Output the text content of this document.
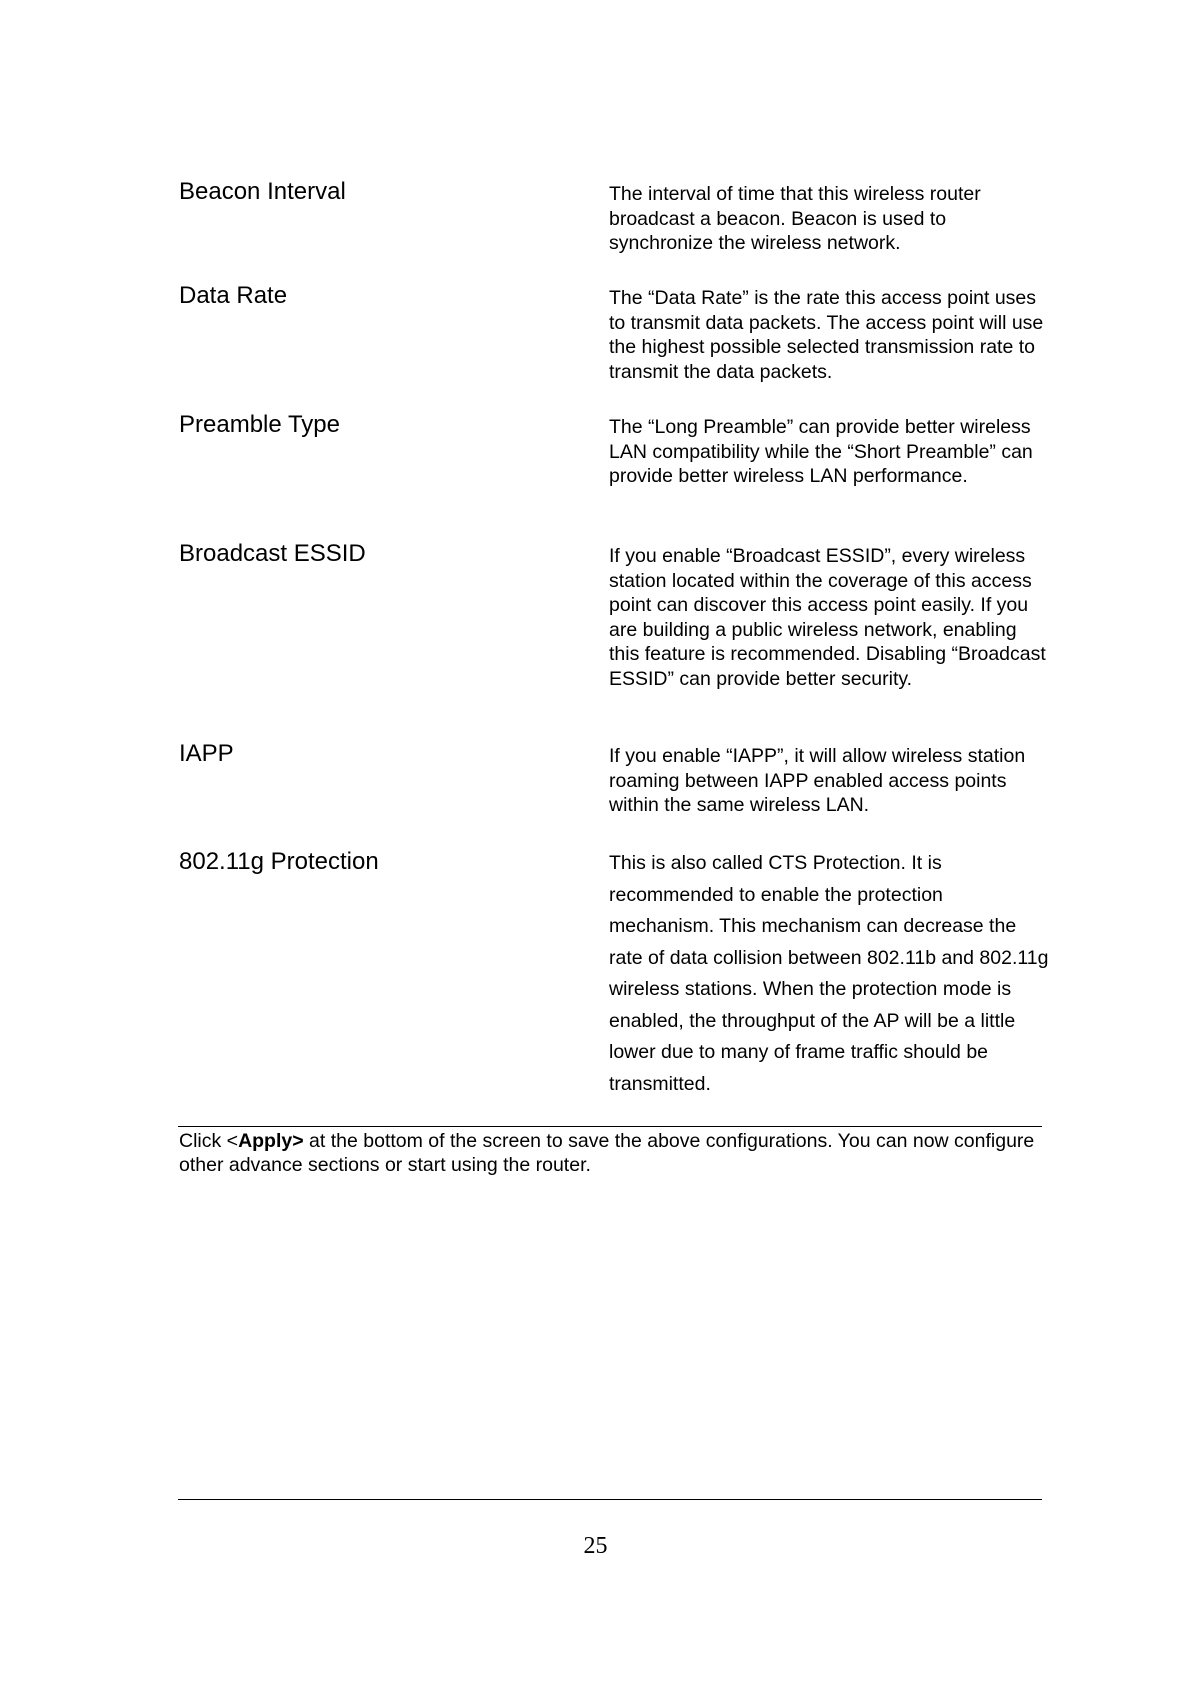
Beacon Interval	The interval of time that this wireless router broadcast a beacon. Beacon is used to synchronize the wireless network.
Data Rate	The “Data Rate” is the rate this access point uses to transmit data packets. The access point will use the highest possible selected transmission rate to transmit the data packets.
Preamble Type	The “Long Preamble” can provide better wireless LAN compatibility while the “Short Preamble” can provide better wireless LAN performance.
Broadcast ESSID	If you enable “Broadcast ESSID”, every wireless station located within the coverage of this access point can discover this access point easily. If you are building a public wireless network, enabling this feature is recommended. Disabling “Broadcast ESSID” can provide better security.
IAPP	If you enable “IAPP”, it will allow wireless station roaming between IAPP enabled access points within the same wireless LAN.
802.11g Protection	This is also called CTS Protection. It is recommended to enable the protection mechanism. This mechanism can decrease the rate of data collision between 802.11b and 802.11g wireless stations. When the protection mode is enabled, the throughput of the AP will be a little lower due to many of frame traffic should be transmitted.
Click <Apply> at the bottom of the screen to save the above configurations. You can now configure other advance sections or start using the router.
25
